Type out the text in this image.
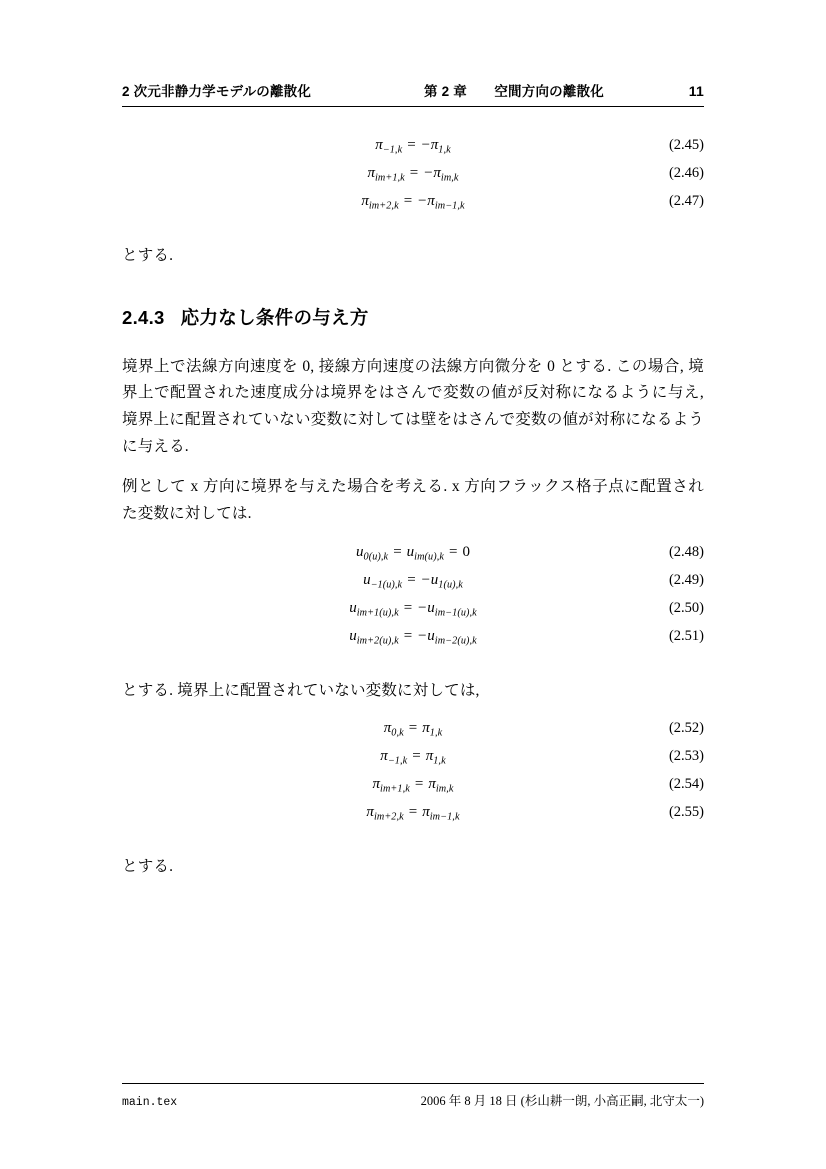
2 次元非静力学モデルの離散化	第 2 章　　空間方向の離散化	11
$\pi_{-1,k} = -\pi_{1,k}$	(2.45)
$\pi_{im+1,k} = -\pi_{im,k}$	(2.46)
$\pi_{im+2,k} = -\pi_{im-1,k}$	(2.47)

とする.

2.4.3 応力なし条件の与え方

境界上で法線方向速度を 0, 接線方向速度の法線方向微分を 0 とする. この場合, 境界上で配置された速度成分は境界をはさんで変数の値が反対称になるように与え, 境界上に配置されていない変数に対しては壁をはさんで変数の値が対称になるように与える.

例として x 方向に境界を与えた場合を考える. x 方向フラックス格子点に配置された変数に対しては.

$u_{0(u),k} = u_{im(u),k} = 0$	(2.48)
$u_{-1(u),k} = -u_{1(u),k}$	(2.49)
$u_{im+1(u),k} = -u_{im-1(u),k}$	(2.50)
$u_{im+2(u),k} = -u_{im-2(u),k}$	(2.51)

とする. 境界上に配置されていない変数に対しては,

$\pi_{0,k} = \pi_{1,k}$	(2.52)
$\pi_{-1,k} = \pi_{1,k}$	(2.53)
$\pi_{im+1,k} = \pi_{im,k}$	(2.54)
$\pi_{im+2,k} = \pi_{im-1,k}$	(2.55)

とする.

main.tex	2006 年 8 月 18 日 (杉山耕一朗, 小高正嗣, 北守太一)
